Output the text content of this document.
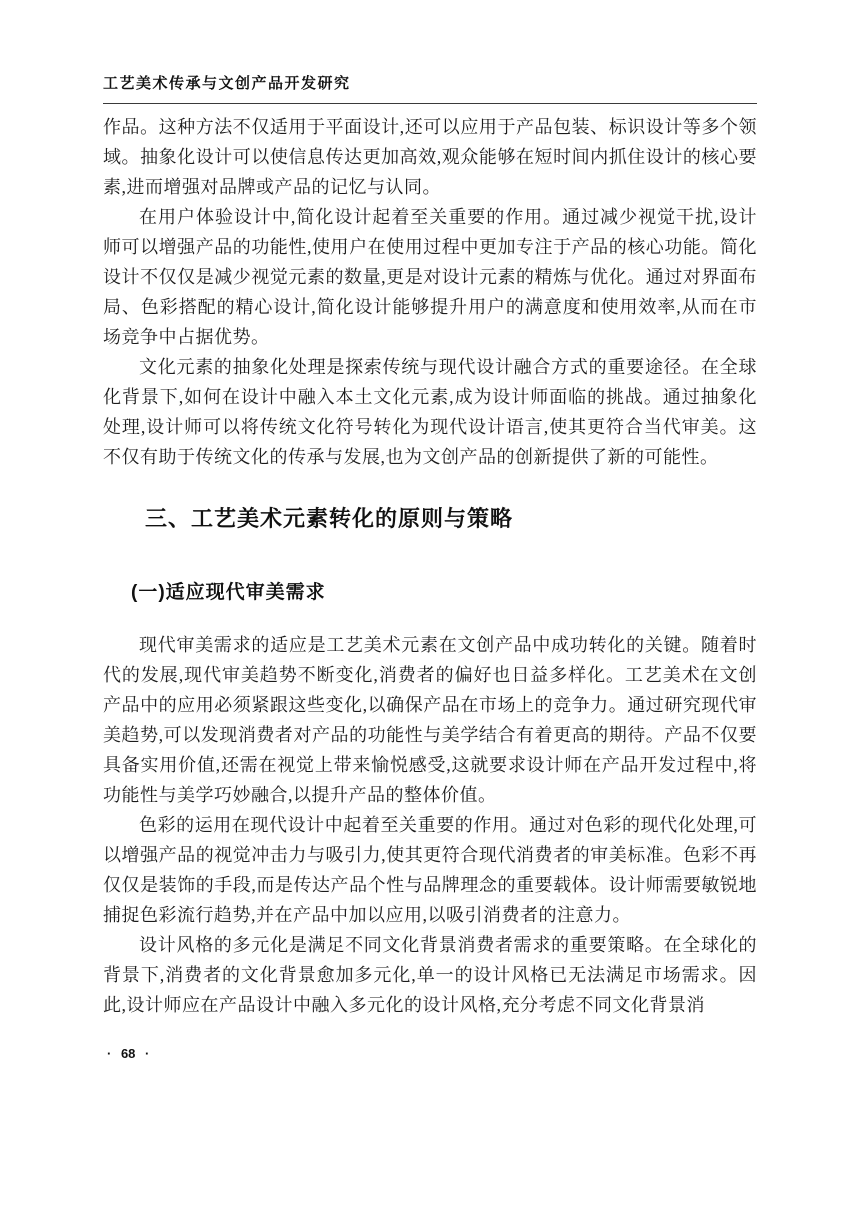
工艺美术传承与文创产品开发研究

作品。这种方法不仅适用于平面设计,还可以应用于产品包装、标识设计等多个领域。抽象化设计可以使信息传达更加高效,观众能够在短时间内抓住设计的核心要素,进而增强对品牌或产品的记忆与认同。

在用户体验设计中,简化设计起着至关重要的作用。通过减少视觉干扰,设计师可以增强产品的功能性,使用户在使用过程中更加专注于产品的核心功能。简化设计不仅仅是减少视觉元素的数量,更是对设计元素的精炼与优化。通过对界面布局、色彩搭配的精心设计,简化设计能够提升用户的满意度和使用效率,从而在市场竞争中占据优势。

文化元素的抽象化处理是探索传统与现代设计融合方式的重要途径。在全球化背景下,如何在设计中融入本土文化元素,成为设计师面临的挑战。通过抽象化处理,设计师可以将传统文化符号转化为现代设计语言,使其更符合当代审美。这不仅有助于传统文化的传承与发展,也为文创产品的创新提供了新的可能性。

三、工艺美术元素转化的原则与策略
(一)适应现代审美需求

现代审美需求的适应是工艺美术元素在文创产品中成功转化的关键。随着时代的发展,现代审美趋势不断变化,消费者的偏好也日益多样化。工艺美术在文创产品中的应用必须紧跟这些变化,以确保产品在市场上的竞争力。通过研究现代审美趋势,可以发现消费者对产品的功能性与美学结合有着更高的期待。产品不仅要具备实用价值,还需在视觉上带来愉悦感受,这就要求设计师在产品开发过程中,将功能性与美学巧妙融合,以提升产品的整体价值。

色彩的运用在现代设计中起着至关重要的作用。通过对色彩的现代化处理,可以增强产品的视觉冲击力与吸引力,使其更符合现代消费者的审美标准。色彩不再仅仅是装饰的手段,而是传达产品个性与品牌理念的重要载体。设计师需要敏锐地捕捉色彩流行趋势,并在产品中加以应用,以吸引消费者的注意力。

设计风格的多元化是满足不同文化背景消费者需求的重要策略。在全球化的背景下,消费者的文化背景愈加多元化,单一的设计风格已无法满足市场需求。因此,设计师应在产品设计中融入多元化的设计风格,充分考虑不同文化背景消

· 68 ·
